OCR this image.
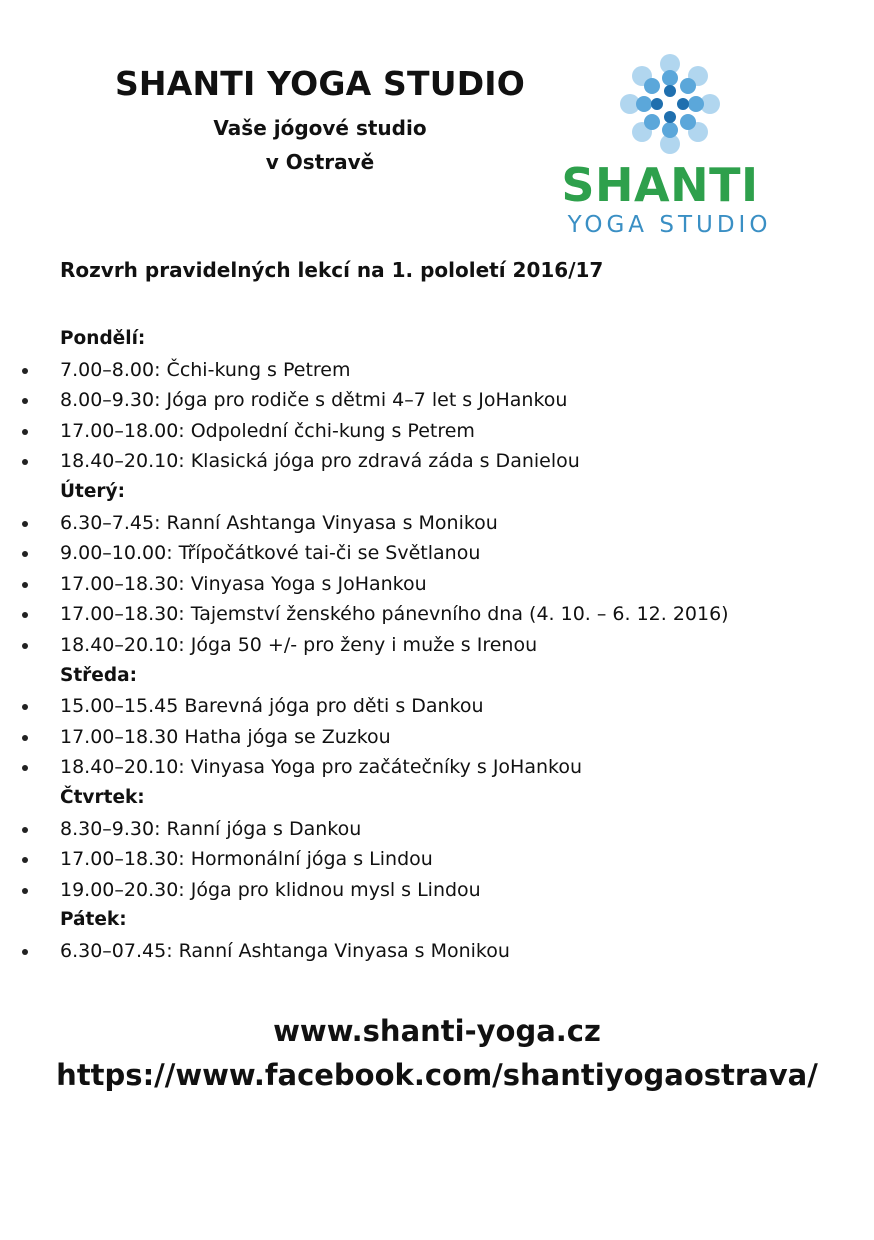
SHANTI YOGA STUDIO
Vaše jógové studio
v Ostravě	SHANTI
YOGA STUDIO
Rozvrh pravidelných lekcí na 1. pololetí 2016/17
Pondělí:
7.00–8.00: Čchi-kung s Petrem
8.00–9.30: Jóga pro rodiče s dětmi 4–7 let s JoHankou
17.00–18.00: Odpolední čchi-kung s Petrem
18.40–20.10: Klasická jóga pro zdravá záda s Danielou
Úterý:
6.30–7.45: Ranní Ashtanga Vinyasa s Monikou
9.00–10.00: Třípočátkové tai-či se Světlanou
17.00–18.30: Vinyasa Yoga s JoHankou
17.00–18.30: Tajemství ženského pánevního dna (4. 10. – 6. 12. 2016)
18.40–20.10: Jóga 50 +/- pro ženy i muže s Irenou
Středa:
15.00–15.45 Barevná jóga pro děti s Dankou
17.00–18.30 Hatha jóga se Zuzkou
18.40–20.10: Vinyasa Yoga pro začátečníky s JoHankou
Čtvrtek:
8.30–9.30: Ranní jóga s Dankou
17.00–18.30: Hormonální jóga s Lindou
19.00–20.30: Jóga pro klidnou mysl s Lindou
Pátek:
6.30–07.45: Ranní Ashtanga Vinyasa s Monikou
www.shanti-yoga.cz
https://www.facebook.com/shantiyogaostrava/
